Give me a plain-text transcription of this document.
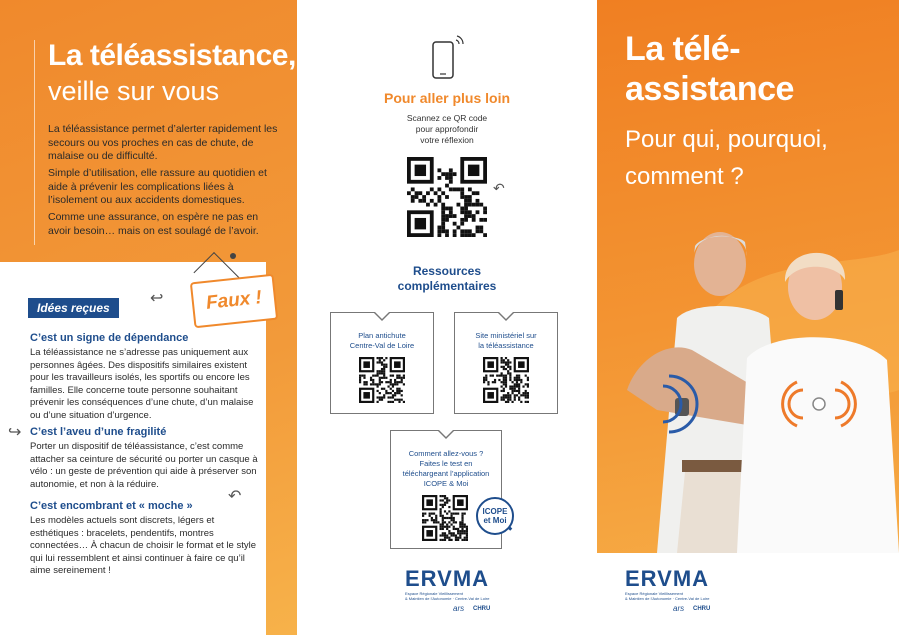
La téléassistance,
veille sur vous
La téléassistance permet d’alerter rapidement les secours ou vos proches en cas de chute, de malaise ou de difficulté.
Simple d’utilisation, elle rassure au quotidien et aide à prévenir les complications liées à l’isolement ou aux accidents domestiques.
Comme une assurance, on espère ne pas en avoir besoin… mais on est soulagé de l’avoir.
Faux !
Idées reçues
↩
C’est un signe de dépendance
La téléassistance ne s’adresse pas uniquement aux personnes âgées. Des dispositifs similaires existent pour les travailleurs isolés, les sportifs ou encore les familles. Elle concerne toute personne souhaitant prévenir les conséquences d’une chute, d’un malaise ou d’une situation d’urgence.
↪ C’est l’aveu d’une fragilité
Porter un dispositif de téléassistance, c’est comme attacher sa ceinture de sécurité ou porter un casque à vélo : un geste de prévention qui aide à préserver son autonomie, et non à la réduire.
↶
C’est encombrant et « moche »
Les modèles actuels sont discrets, légers et esthétiques : bracelets, pendentifs, montres connectées… À chacun de choisir le format et le style qui lui ressemblent et ainsi continuer à faire ce qu’il aime sereinement !
Pour aller plus loin
Scannez ce QR code
pour approfondir
votre réflexion
↶
Ressources
complémentaires
Plan antichute
Centre-Val de Loire
Site ministériel sur
la téléassistance
Comment allez-vous ?
Faites le test en
téléchargeant l’application
ICOPE & Moi
ERVMA
Espace Régionale Vieillissement
& Maintien de l’Autonomie · Centre-Val de Loire
ars CHRU
ICOPE
et Moi
La télé-
assistance
Pour qui, pourquoi,
comment ?
ERVMA
Espace Régionale Vieillissement
& Maintien de l’Autonomie · Centre-Val de Loire
ars CHRU
